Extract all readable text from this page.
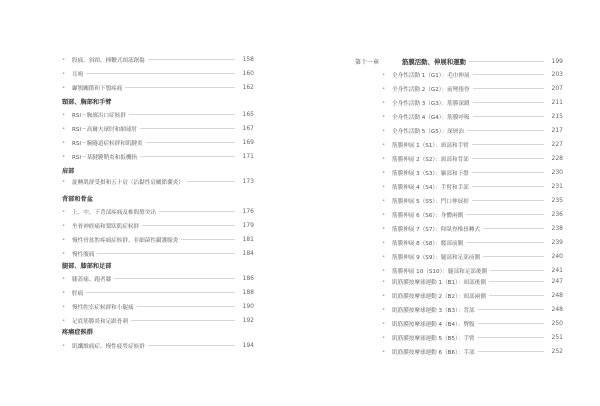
•	股痛、斜頸、揮鞭式頸部創傷	158
•	耳鳴	160
•	顳顎關節和下顎疼痛	162
頸部、胸部和手臂
•	RSI－胸廓出口症候群	165
•	RSI－高爾夫球肘和網球肘	167
•	RSI－腕隧道症候群和肌腱炎	169
•	RSI－某腱腱鞘炎和扳機指	171
肩部
•	旋轉肌群受損和五十肩（沾黏性肩關節囊炎）	173
背部和骨盆
•	上、中、下背部疼痛及椎間盤突出	176
•	坐骨神經痛和梨狀肌症候群	179
•	慢性骨盆腔疼痛症候群、非細菌性攝護腺炎	181
•	慢性腹痛	184
腿部、膝部和足部
•	膝蓋痛、跑者膝	186
•	脛痛	188
•	慢性腔室症候群和小腿痛	190
•	足底筋膜炎和足跟骨刺	192
疼痛症候群
•	肌纖維痛症、慢性疲勞症候群	194
第十一章	筋膜活動、伸展和運動	199
•	全身性活動 1（G1）：毛巾伸展	203
•	全身性活動 2（G2）：前彎捲脊	207
•	全身性活動 3（G3）：筋膜深蹲	211
•	全身性活動 4（G4）：筋膜呼吸	215
•	全身性活動 5（G5）：深層治	217
•	筋膜伸展 1（S1）：頸部和手臂	227
•	筋膜伸展 2（S2）：頸部和背部	228
•	筋膜伸展 3（S3）：軀部和下盤	230
•	筋膜伸展 4（S4）：手臂和手部	231
•	筋膜伸展 5（S5）：門口伸展掉	235
•	筋膜伸展 6（S6）：身體兩側	236
•	筋膜伸展 7（S7）：仰臥脊椎扭轉式	238
•	筋膜伸展 8（S8）：髖部前側	239
•	筋膜伸展 9（S9）：腿部和足部前側	240
•	筋膜伸展 10（S10）：腿部和足部後側	241
•	肌筋膜按摩球運動 1（B1）：頸部後側	247
•	肌筋膜按摩球運動 2（B2）：頸部兩側	248
•	肌筋膜按摩球運動 3（B3）：背部	248
•	肌筋膜按摩球運動 4（B4）：臀腹	250
•	肌筋膜按摩球運動 5（B5）：手臂	251
•	肌筋膜按摩球運動 6（B6）：手部	252
